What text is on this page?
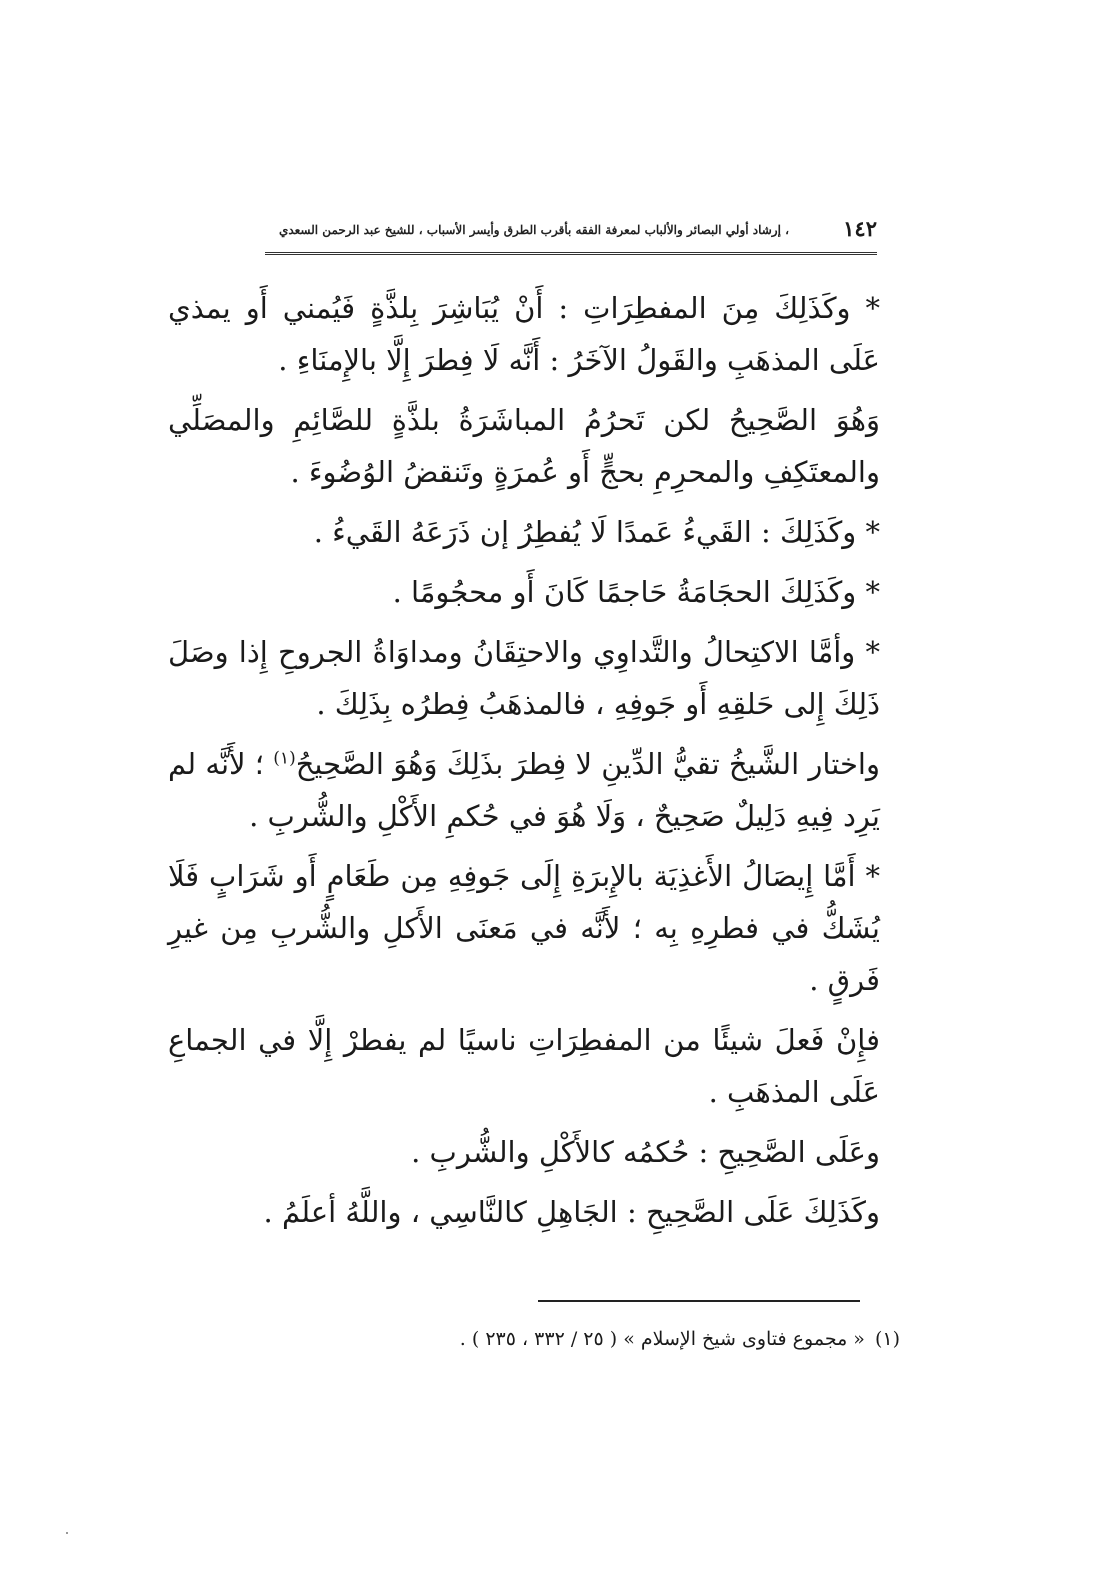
١٤٢
، إرشاد أولي البصائر والألباب لمعرفة الفقه بأقرب الطرق وأيسر الأسباب ، للشيخ عبد الرحمن السعدي

* وكَذَلِكَ مِنَ المفطِرَاتِ : أَنْ يُبَاشِرَ بِلذَّةٍ فَيُمني أَو يمذي عَلَى المذهَبِ والقَولُ الآخَرُ : أَنَّه لَا فِطرَ إِلَّا بالإِمنَاءِ .

وَهُوَ الصَّحِيحُ لكن تَحرُمُ المباشَرَةُ بلذَّةٍ للصَّائِمِ والمصَلِّي والمعتَكِفِ والمحرِمِ بحجٍّ أَو عُمرَةٍ وتَنقضُ الوُضُوءَ .

* وكَذَلِكَ : القَيءُ عَمدًا لَا يُفطِرُ إن ذَرَعَهُ القَيءُ .

* وكَذَلِكَ الحجَامَةُ حَاجمًا كَانَ أَو محجُومًا .

* وأمَّا الاكتِحالُ والتَّداوِي والاحتِقَانُ ومداوَاةُ الجروحِ إِذا وصَلَ ذَلِكَ إِلى حَلقِهِ أَو جَوفِهِ ، فالمذهَبُ فِطرُه بِذَلِكَ .

واختار الشَّيخُ تقيُّ الدِّينِ لا فِطرَ بذَلِكَ وَهُوَ الصَّحِيحُ$^{(١)}$ ؛ لأَنَّه لم يَرِد فِيهِ دَلِيلٌ صَحِيحٌ ، وَلَا هُوَ في حُكمِ الأَكْلِ والشُّربِ .

* أَمَّا إِيصَالُ الأَغذِيَة بالإِبرَةِ إِلَى جَوفِهِ مِن طَعَامٍ أَو شَرَابٍ فَلَا يُشَكُّ في فطرِهِ بِه ؛ لأَنَّه في مَعنَى الأَكلِ والشُّربِ مِن غيرِ فَرقٍ .

فإِنْ فَعلَ شيئًا من المفطِرَاتِ ناسيًا لم يفطرْ إِلَّا في الجماعِ عَلَى المذهَبِ .

وعَلَى الصَّحِيحِ : حُكمُه كالأَكْلِ والشُّربِ .

وكَذَلِكَ عَلَى الصَّحِيحِ : الجَاهِلِ كالنَّاسِي ، واللَّهُ أعلَمُ .

(١)« مجموع فتاوى شيخ الإسلام » ( ٢٥ / ٣٣٢ ، ٢٣٥ ) .
